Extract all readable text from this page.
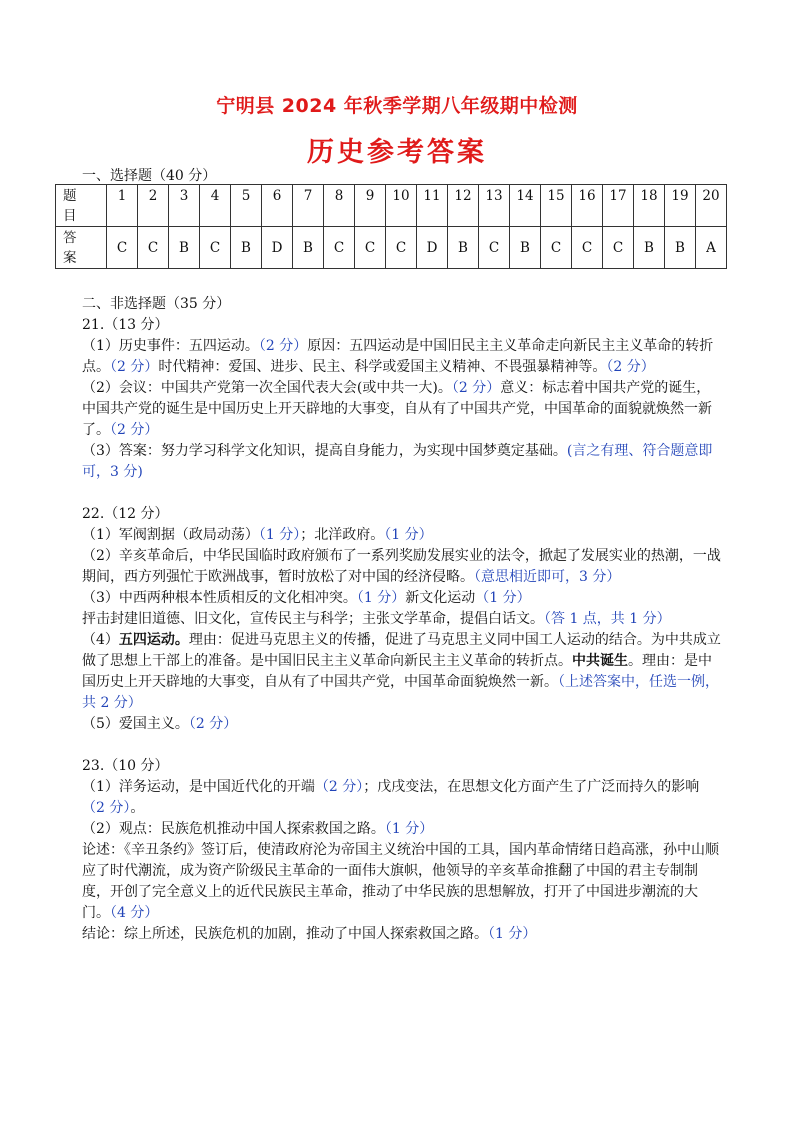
宁明县 2024 年秋季学期八年级期中检测
历史参考答案
一、选择题（40 分）
题
目	1	2	3	4	5	6	7	8	9	10	11	12	13	14	15	16	17	18	19	20
答
案	C	C	B	C	B	D	B	C	C	C	D	B	C	B	C	C	C	B	B	A

二、非选择题（35 分）

21.（13 分）

（1）历史事件：五四运动。（2 分）原因：五四运动是中国旧民主主义革命走向新民主主义革命的转折点。（2 分）时代精神：爱国、进步、民主、科学或爱国主义精神、不畏强暴精神等。（2 分）

（2）会议：中国共产党第一次全国代表大会(或中共一大)。（2 分）意义：标志着中国共产党的诞生，中国共产党的诞生是中国历史上开天辟地的大事变，自从有了中国共产党，中国革命的面貌就焕然一新了。（2 分）

（3）答案：努力学习科学文化知识，提高自身能力，为实现中国梦奠定基础。(言之有理、符合题意即可，3 分)

22.（12 分）

（1）军阀割据（政局动荡）（1 分）；北洋政府。（1 分）

（2）辛亥革命后，中华民国临时政府颁布了一系列奖励发展实业的法令，掀起了发展实业的热潮，一战期间，西方列强忙于欧洲战事，暂时放松了对中国的经济侵略。（意思相近即可，3 分）

（3）中西两种根本性质相反的文化相冲突。（1 分）新文化运动（1 分）

抨击封建旧道德、旧文化，宣传民主与科学；主张文学革命，提倡白话文。（答 1 点，共 1 分）

（4）五四运动。理由：促进马克思主义的传播，促进了马克思主义同中国工人运动的结合。为中共成立做了思想上干部上的准备。是中国旧民主主义革命向新民主主义革命的转折点。中共诞生。理由：是中国历史上开天辟地的大事变，自从有了中国共产党，中国革命面貌焕然一新。（上述答案中，任选一例，共 2 分）

（5）爱国主义。（2 分）

23.（10 分）

（1）洋务运动，是中国近代化的开端（2 分）；戊戌变法，在思想文化方面产生了广泛而持久的影响（2 分）。

（2）观点：民族危机推动中国人探索救国之路。（1 分）

论述：《辛丑条约》签订后，使清政府沦为帝国主义统治中国的工具，国内革命情绪日趋高涨，孙中山顺应了时代潮流，成为资产阶级民主革命的一面伟大旗帜，他领导的辛亥革命推翻了中国的君主专制制度，开创了完全意义上的近代民族民主革命，推动了中华民族的思想解放，打开了中国进步潮流的大门。（4 分）

结论：综上所述，民族危机的加剧，推动了中国人探索救国之路。（1 分）
